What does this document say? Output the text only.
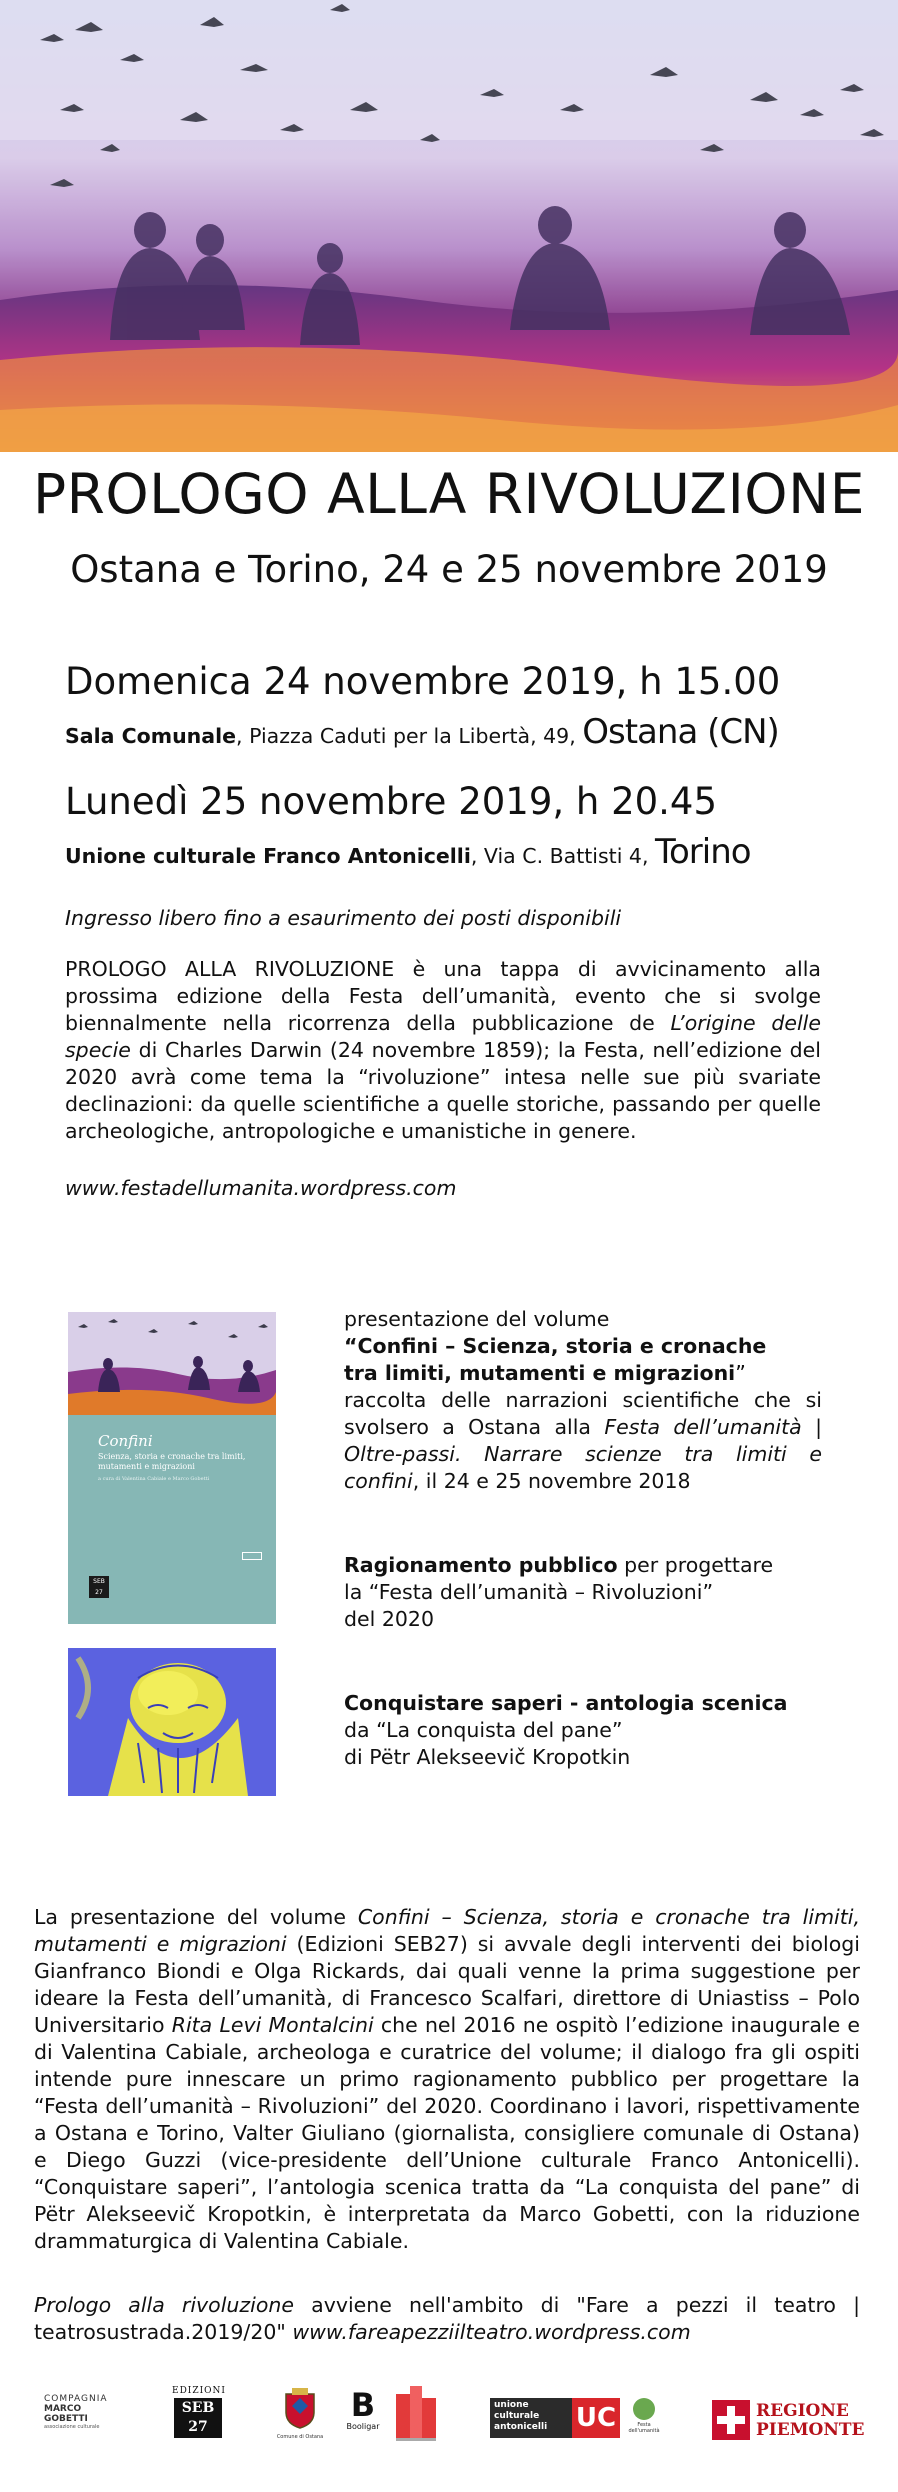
PROLOGO ALLA RIVOLUZIONE
Ostana e Torino, 24 e 25 novembre 2019
Domenica 24 novembre 2019, h 15.00
Sala Comunale, Piazza Caduti per la Libertà, 49, Ostana (CN)
Lunedì 25 novembre 2019, h 20.45
Unione culturale Franco Antonicelli, Via C. Battisti 4, Torino
Ingresso libero fino a esaurimento dei posti disponibili
PROLOGO ALLA RIVOLUZIONE è una tappa di avvicinamento alla prossima edizione della Festa dell’umanità, evento che si svolge biennalmente nella ricorrenza della pubblicazione de L’origine delle specie di Charles Darwin (24 novembre 1859); la Festa, nell’edizione del 2020 avrà come tema la “rivoluzione” intesa nelle sue più svariate declinazioni: da quelle scientifiche a quelle storiche, passando per quelle archeologiche, antropologiche e umanistiche in genere.
www.festadellumanita.wordpress.com
Confini
Scienza, storia e cronache tra limiti, mutamenti e migrazioni
a cura di Valentina Cabiale e Marco Gobetti
SEB 27
presentazione del volume
“Confini – Scienza, storia e cronache
tra limiti, mutamenti e migrazioni”
raccolta delle narrazioni scientifiche che si svolsero a Ostana alla Festa dell’umanità | Oltre-passi. Narrare scienze tra limiti e confini, il 24 e 25 novembre 2018
Ragionamento pubblico per progettare
la “Festa dell’umanità – Rivoluzioni”
del 2020
Conquistare saperi - antologia scenica
da “La conquista del pane”
di Pëtr Alekseevič Kropotkin
La presentazione del volume Confini – Scienza, storia e cronache tra limiti, mutamenti e migrazioni (Edizioni SEB27) si avvale degli interventi dei biologi Gianfranco Biondi e Olga Rickards, dai quali venne la prima suggestione per ideare la Festa dell’umanità, di Francesco Scalfari, direttore di Uniastiss – Polo Universitario Rita Levi Montalcini che nel 2016 ne ospitò l’edizione inaugurale e di Valentina Cabiale, archeologa e curatrice del volume; il dialogo fra gli ospiti intende pure innescare un primo ragionamento pubblico per progettare la “Festa dell’umanità – Rivoluzioni” del 2020. Coordinano i lavori, rispettivamente a Ostana e Torino, Valter Giuliano (giornalista, consigliere comunale di Ostana) e Diego Guzzi (vice-presidente dell’Unione culturale Franco Antonicelli). “Conquistare saperi”, l’antologia scenica tratta da “La conquista del pane” di Pëtr Alekseevič Kropotkin, è interpretata da Marco Gobetti, con la riduzione drammaturgica di Valentina Cabiale.
Prologo alla rivoluzione avviene nell'ambito di "Fare a pezzi il teatro | teatrosustrada.2019/20" www.fareapezziilteatro.wordpress.com
COMPAGNIA
MARCO
GOBETTI
associazione culturale
EDIZIONI
SEB
27
Comune di Ostana
B
Booligar
unione
culturale
antonicelli UC	Festa dell'umanità
REGIONE
PIEMONTE
